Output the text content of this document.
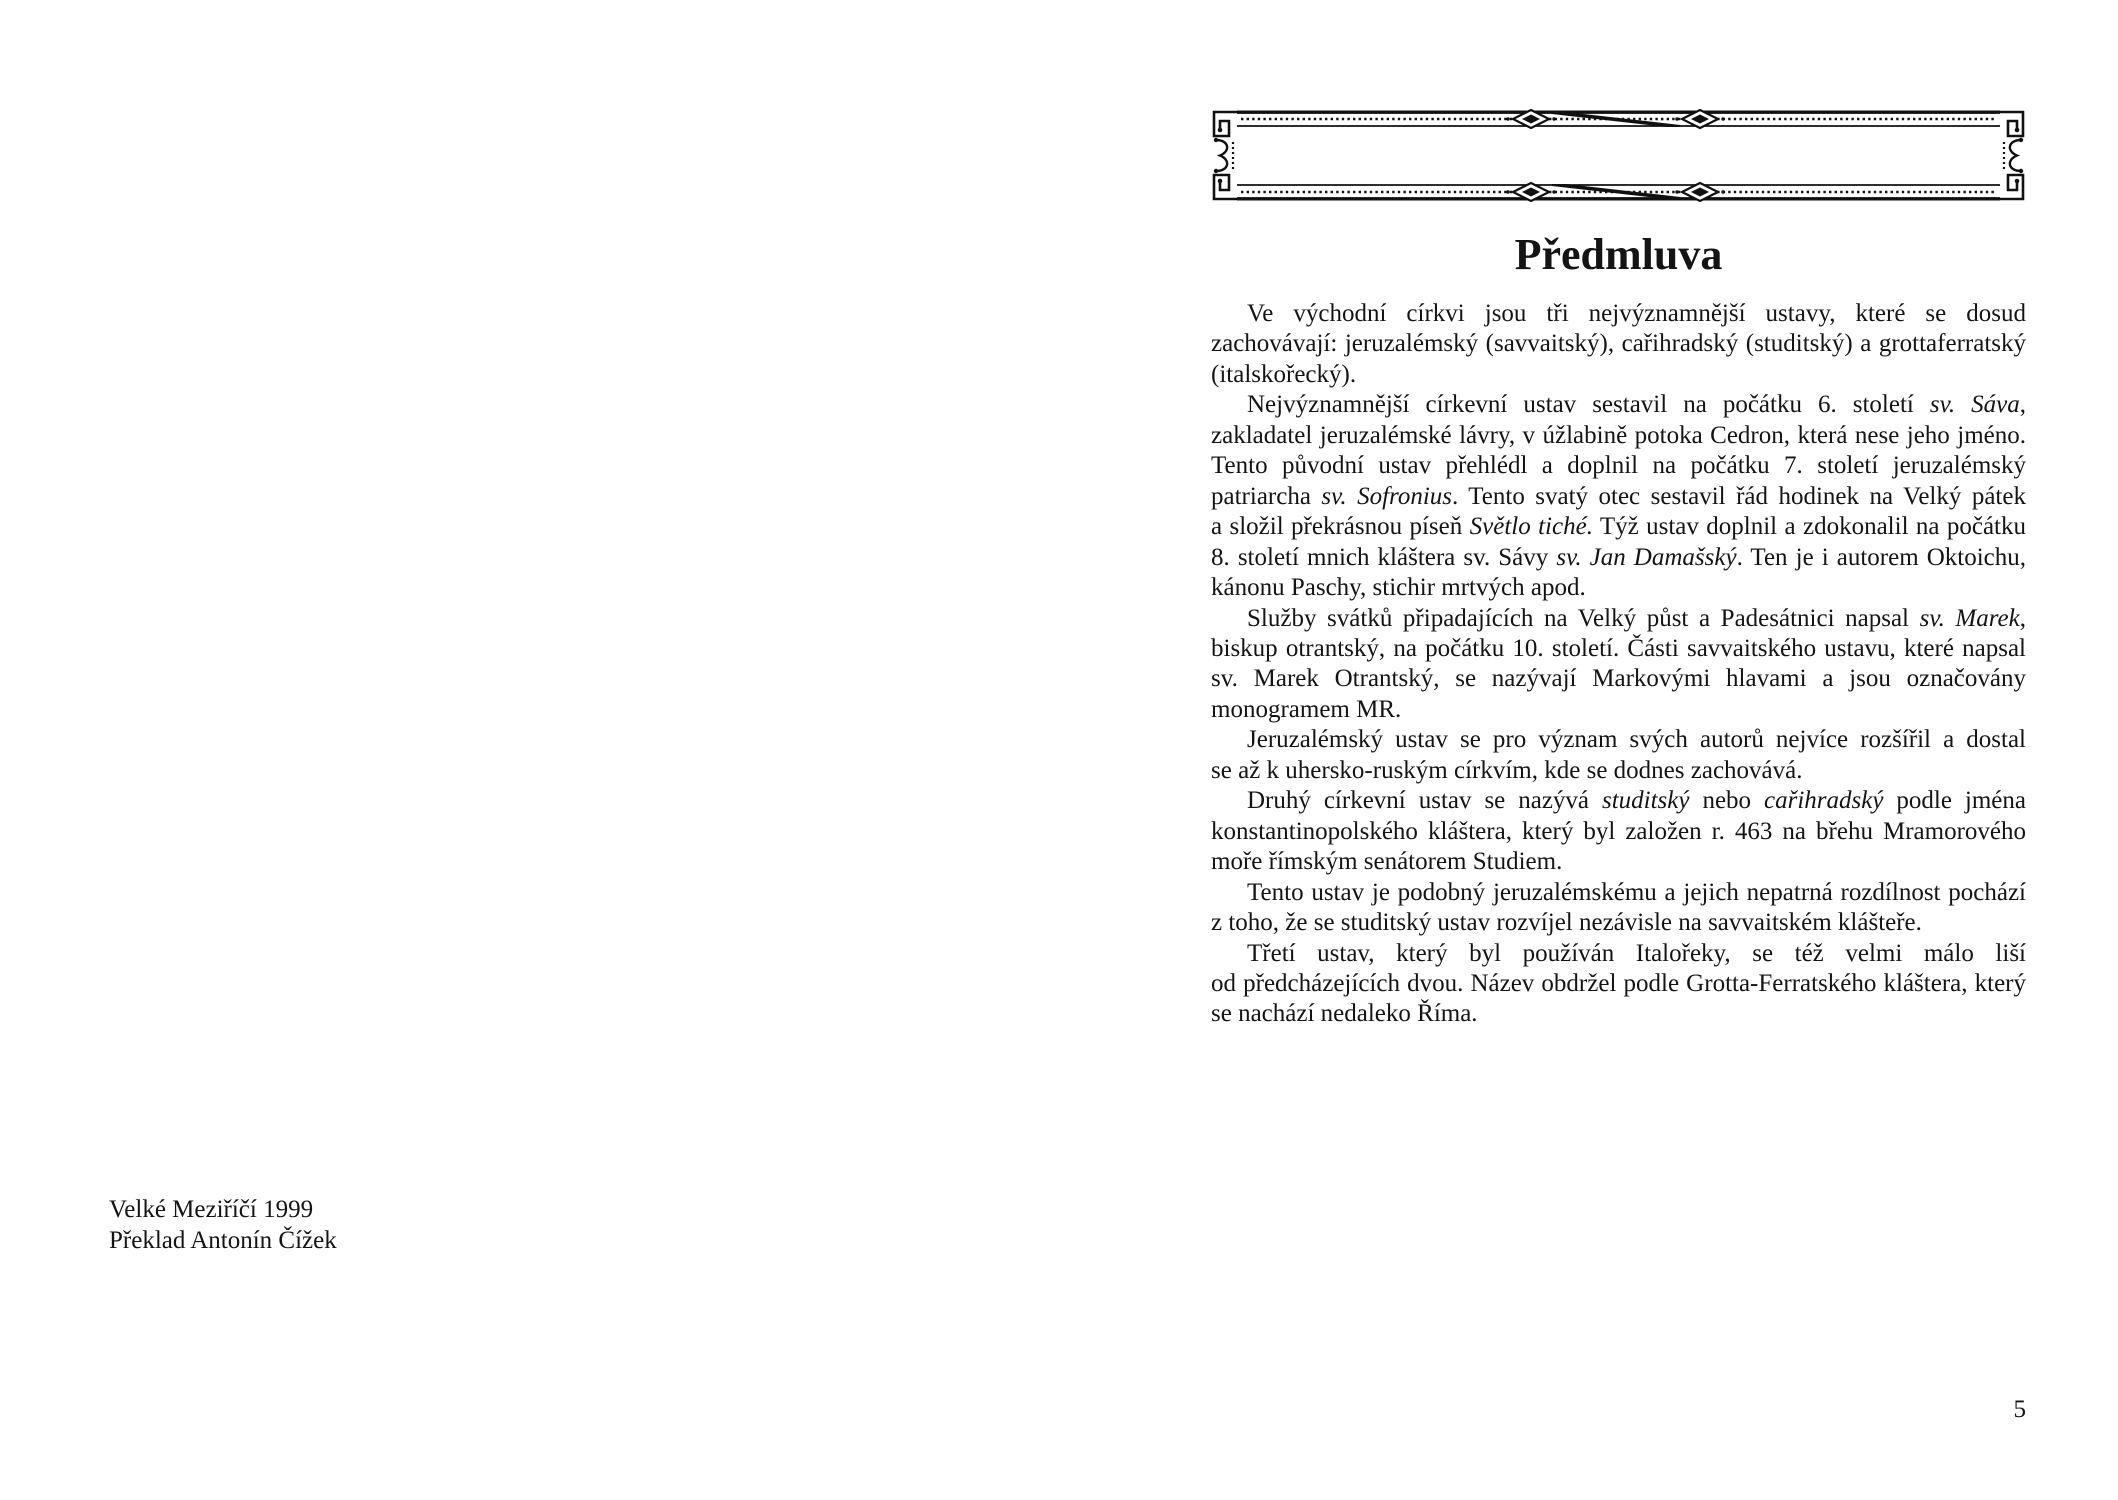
Velké Meziříčí 1999
Překlad Antonín Čížek
Předmluva
Ve východní církvi jsou tři nejvýznamnější ustavy, které se dosud
zachovávají: jeruzalémský (savvaitský), cařihradský (studitský) a grottaferratský
(italskořecký).
Nejvýznamnější církevní ustav sestavil na počátku 6. století sv. Sáva,
zakladatel jeruzalémské lávry, v úžlabině potoka Cedron, která nese jeho jméno.
Tento původní ustav přehlédl a doplnil na počátku 7. století jeruzalémský
patriarcha sv. Sofronius. Tento svatý otec sestavil řád hodinek na Velký pátek
a složil překrásnou píseň Světlo tiché. Týž ustav doplnil a zdokonalil na počátku
8. století mnich kláštera sv. Sávy sv. Jan Damašský. Ten je i autorem Oktoichu,
kánonu Paschy, stichir mrtvých apod.
Služby svátků připadajících na Velký půst a Padesátnici napsal sv. Marek,
biskup otrantský, na počátku 10. století. Části savvaitského ustavu, které napsal
sv. Marek Otrantský, se nazývají Markovými hlavami a jsou označovány
monogramem MR.
Jeruzalémský ustav se pro význam svých autorů nejvíce rozšířil a dostal
se až k uhersko-ruským církvím, kde se dodnes zachovává.
Druhý církevní ustav se nazývá studitský nebo cařihradský podle jména
konstantinopolského kláštera, který byl založen r. 463 na břehu Mramorového
moře římským senátorem Studiem.
Tento ustav je podobný jeruzalémskému a jejich nepatrná rozdílnost pochází
z toho, že se studitský ustav rozvíjel nezávisle na savvaitském klášteře.
Třetí ustav, který byl používán Italořeky, se též velmi málo liší
od předcházejících dvou. Název obdržel podle Grotta-Ferratského kláštera, který
se nachází nedaleko Říma.
5
